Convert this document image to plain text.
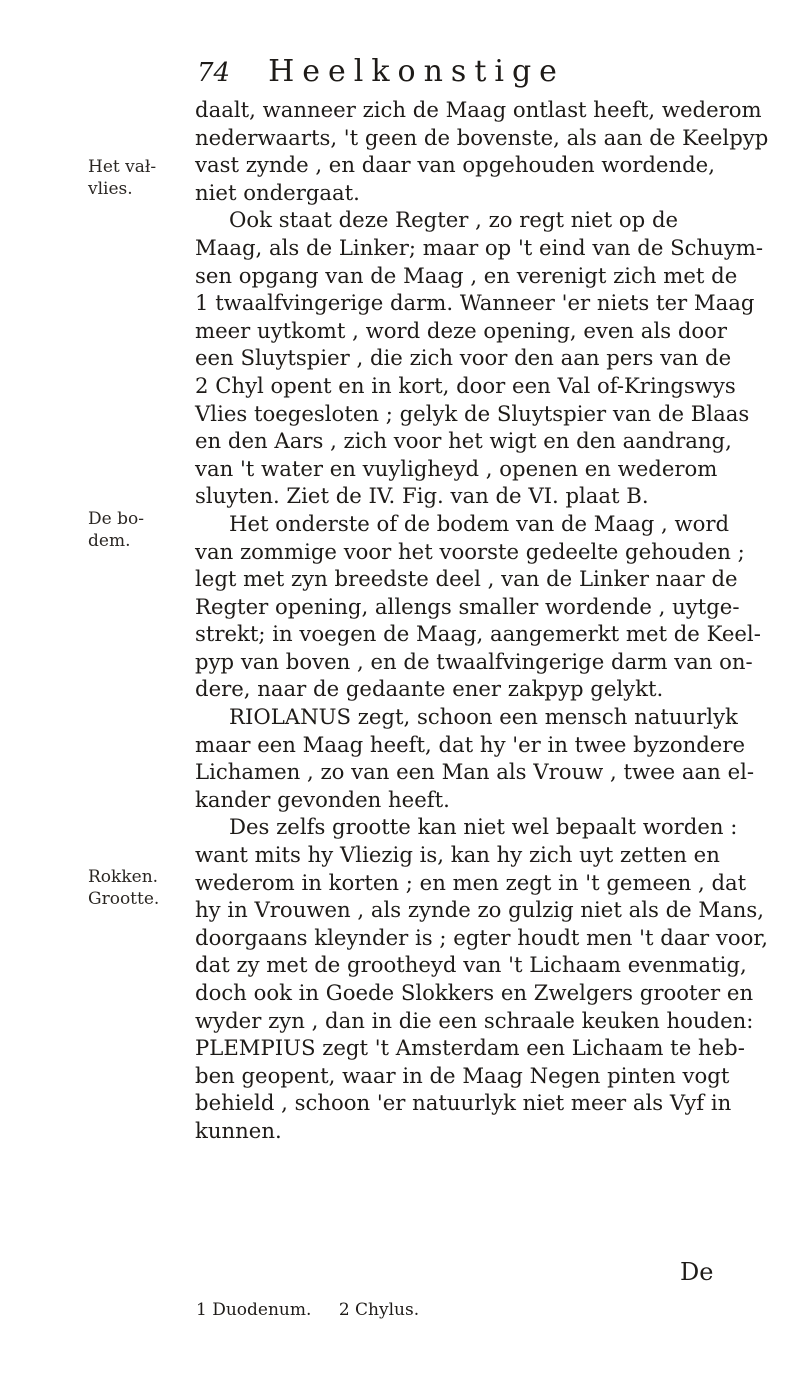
74 Heelkonstige
Het vał-
vlies.
De bo-
dem.
Rokken.
Grootte.
daalt, wanneer zich de Maag ontlast heeft, wederom
nederwaarts, 't geen de bovenste, als aan de Keelpyp
vast zynde , en daar van opgehouden wordende,
niet ondergaat.
Ook staat deze Regter , zo regt niet op de
Maag, als de Linker; maar op 't eind van de Schuym-
sen opgang van de Maag , en verenigt zich met de
1 twaalfvingerige darm. Wanneer 'er niets ter Maag
meer uytkomt , word deze opening, even als door
een Sluytspier , die zich voor den aan pers van de
2 Chyl opent en in kort, door een Val of-Kringswys
Vlies toegesloten ; gelyk de Sluytspier van de Blaas
en den Aars , zich voor het wigt en den aandrang,
van 't water en vuyligheyd , openen en wederom
sluyten. Ziet de IV. Fig. van de VI. plaat B.
Het onderste of de bodem van de Maag , word
van zommige voor het voorste gedeelte gehouden ;
legt met zyn breedste deel , van de Linker naar de
Regter opening, allengs smaller wordende , uytge-
strekt; in voegen de Maag, aangemerkt met de Keel-
pyp van boven , en de twaalfvingerige darm van on-
dere, naar de gedaante ener zakpyp gelykt.
RIOLANUS zegt, schoon een mensch natuurlyk
maar een Maag heeft, dat hy 'er in twee byzondere
Lichamen , zo van een Man als Vrouw , twee aan el-
kander gevonden heeft.
Des zelfs grootte kan niet wel bepaalt worden :
want mits hy Vliezig is, kan hy zich uyt zetten en
wederom in korten ; en men zegt in 't gemeen , dat
hy in Vrouwen , als zynde zo gulzig niet als de Mans,
doorgaans kleynder is ; egter houdt men 't daar voor,
dat zy met de grootheyd van 't Lichaam evenmatig,
doch ook in Goede Slokkers en Zwelgers grooter en
wyder zyn , dan in die een schraale keuken houden:
PLEMPIUS zegt 't Amsterdam een Lichaam te heb-
ben geopent, waar in de Maag Negen pinten vogt
behield , schoon 'er natuurlyk niet meer als Vyf in
kunnen.
De
1 Duodenum. 2 Chylus.
